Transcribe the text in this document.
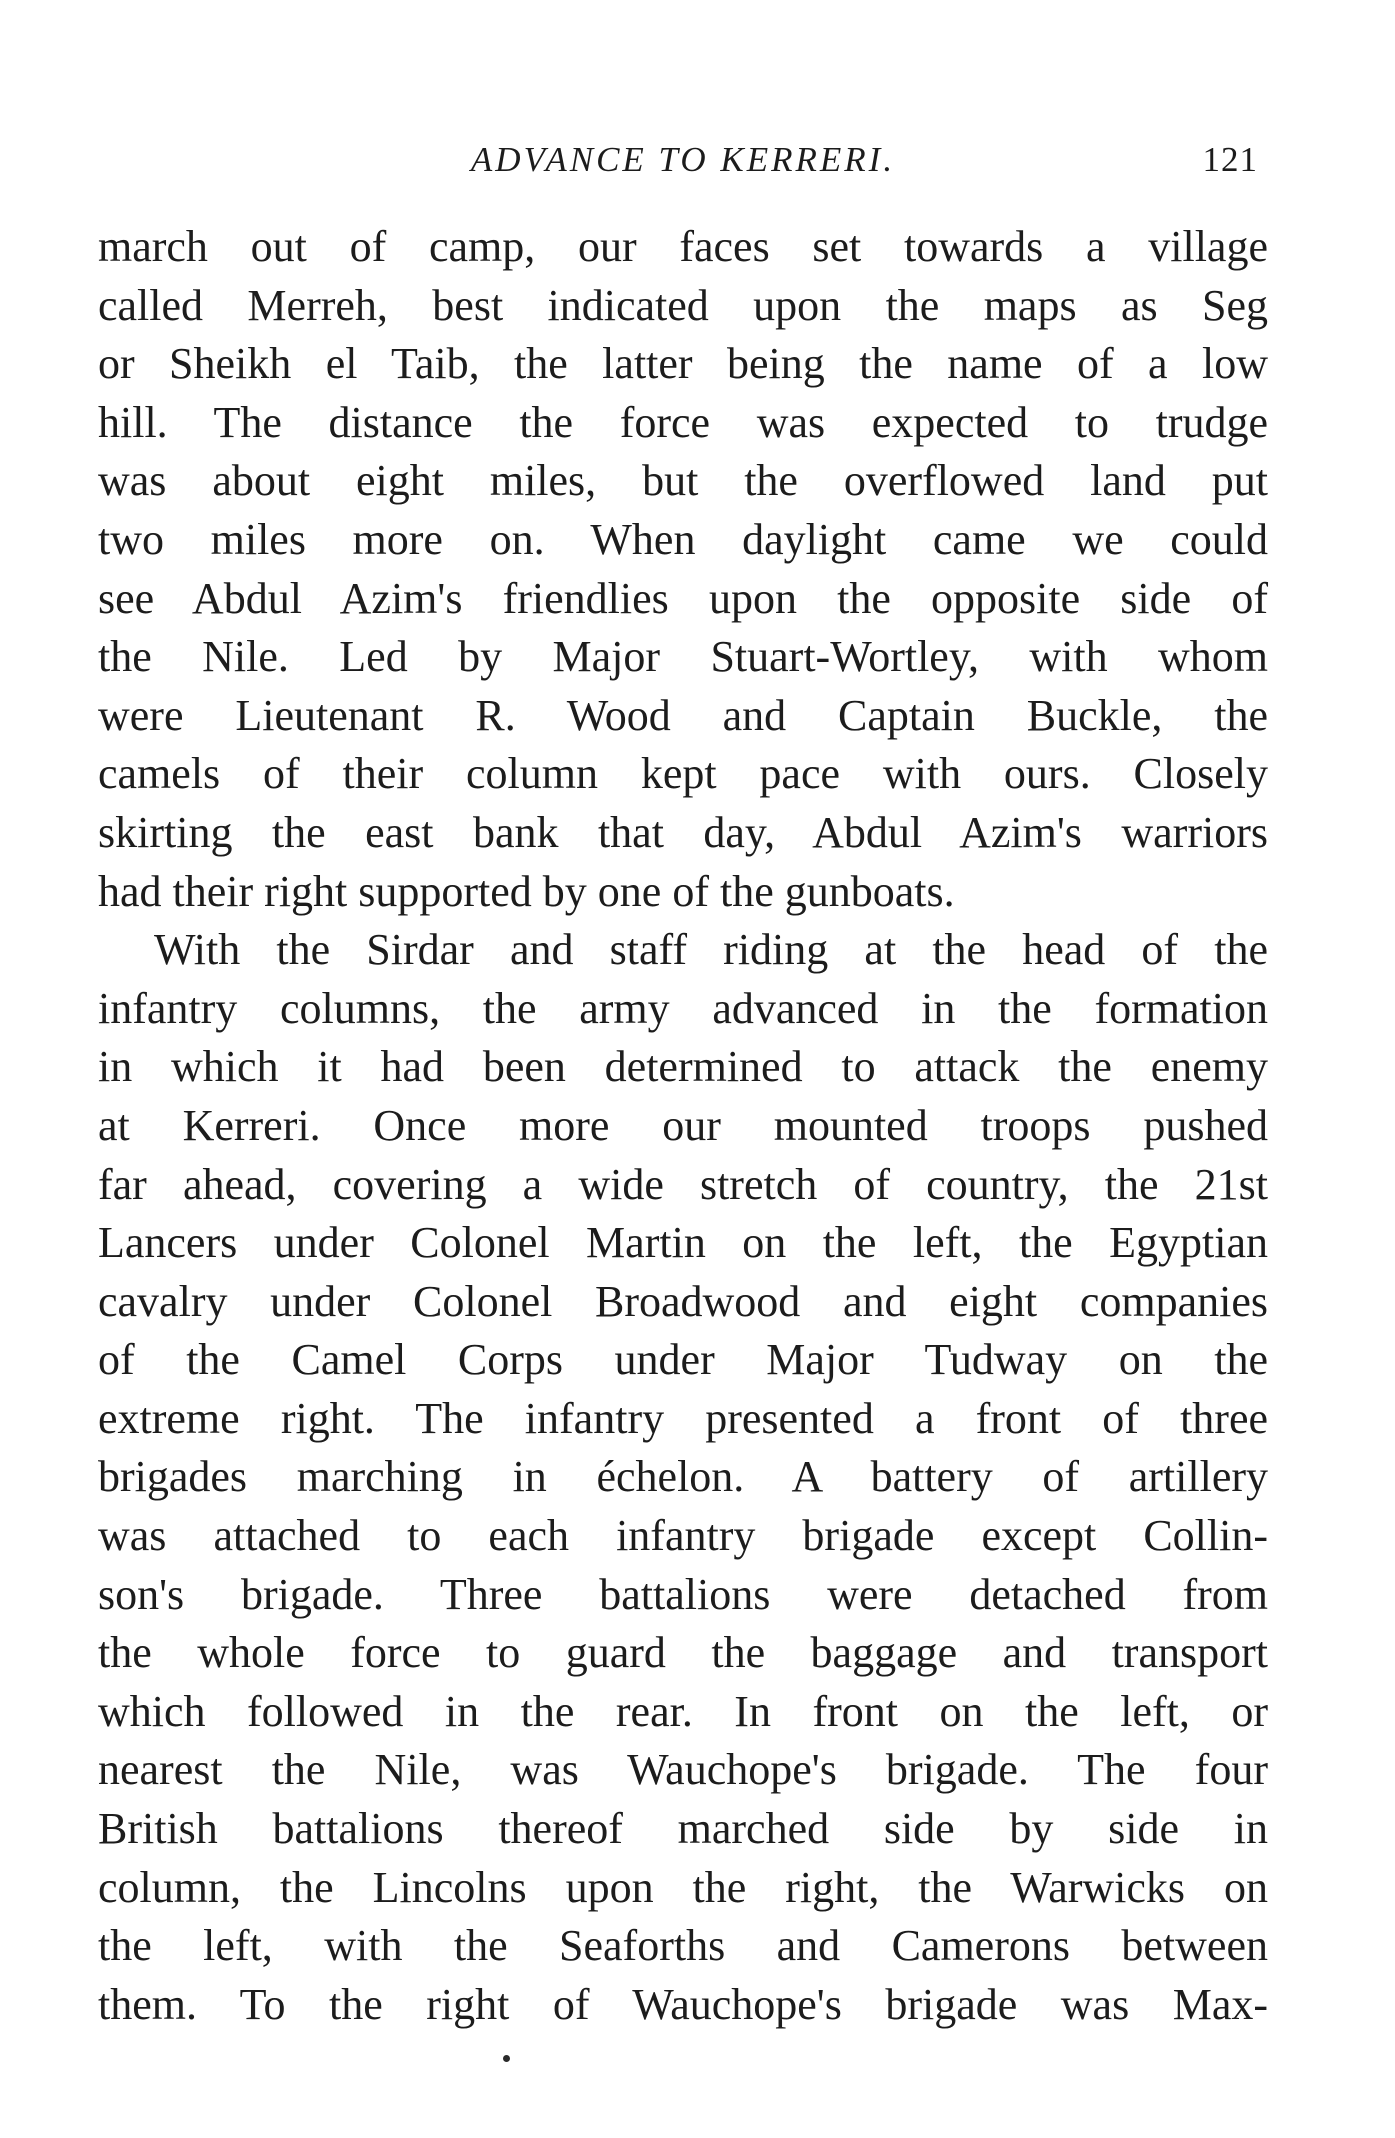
ADVANCE TO KERRERI.	121
march out of camp, our faces set towards a village
called Merreh, best indicated upon the maps as Seg
or Sheikh el Taib, the latter being the name of a low
hill. The distance the force was expected to trudge
was about eight miles, but the overflowed land put
two miles more on. When daylight came we could
see Abdul Azim's friendlies upon the opposite side of
the Nile. Led by Major Stuart-Wortley, with whom
were Lieutenant R. Wood and Captain Buckle, the
camels of their column kept pace with ours. Closely
skirting the east bank that day, Abdul Azim's warriors
had their right supported by one of the gunboats.
With the Sirdar and staff riding at the head of the
infantry columns, the army advanced in the formation
in which it had been determined to attack the enemy
at Kerreri. Once more our mounted troops pushed
far ahead, covering a wide stretch of country, the 21st
Lancers under Colonel Martin on the left, the Egyptian
cavalry under Colonel Broadwood and eight companies
of the Camel Corps under Major Tudway on the
extreme right. The infantry presented a front of three
brigades marching in échelon. A battery of artillery
was attached to each infantry brigade except Collin-
son's brigade. Three battalions were detached from
the whole force to guard the baggage and transport
which followed in the rear. In front on the left, or
nearest the Nile, was Wauchope's brigade. The four
British battalions thereof marched side by side in
column, the Lincolns upon the right, the Warwicks on
the left, with the Seaforths and Camerons between
them. To the right of Wauchope's brigade was Max-
